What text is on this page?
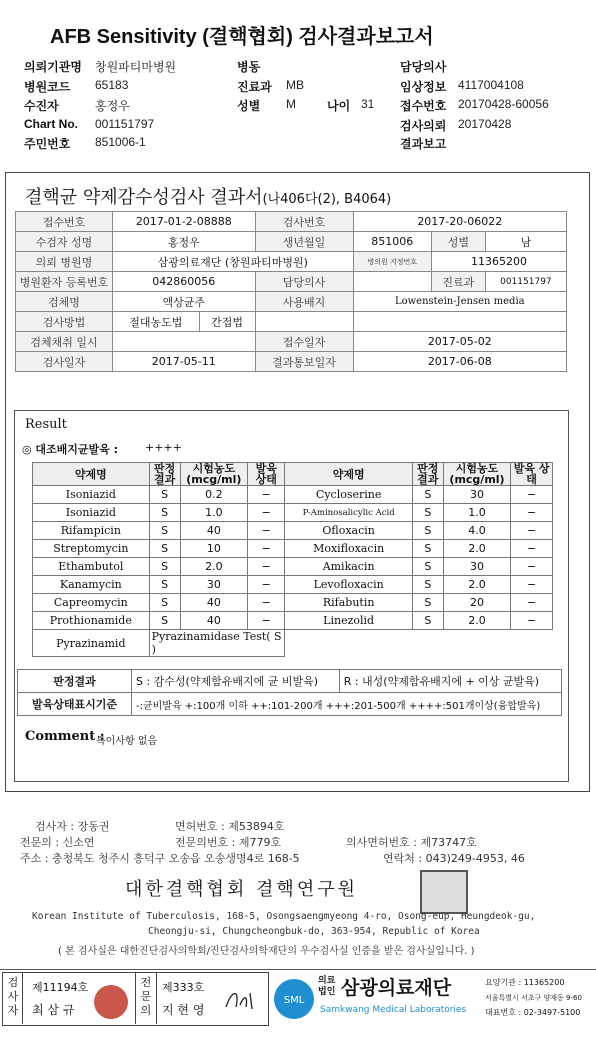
AFB Sensitivity (결핵협회) 검사결과보고서
의뢰기관명 창원파티마병원
병원코드 65183
수진자	홍정우
Chart No. 001151797
주민번호 851006-1
병동
진료과 MB
성별 M	나이 31
담당의사
임상정보 4117004108
접수번호 20170428-60056
검사의뢰 20170428
결과보고
결핵균 약제감수성검사 결과서(나406다(2), B4064)
접수번호	2017-01-2-08888		검사번호	2017-20-06022		
수검자 성명	홍정우		생년월일	851006	성별	남
의뢰 병원명	삼광의료재단 (창원파티마병원)			병의원 지정번호	11365200	
병원환자 등록번호	042860056		담당의사		진료과	001151797
검체명	액상균주		사용배지	Lowenstein-Jensen media		
검사방법	절대농도법	간접법				
검체채취 일시			접수일자	2017-05-02		
검사일자	2017-05-11		결과통보일자	2017-06-08		
Result
◎ 대조배지균발육 : ++++
약제명	판정 결과	시험농도 (mcg/ml)	발육 상태	약제명	판정 결과	시험농도 (mcg/ml)	발육 상태
Isoniazid	S	0.2	−	Cycloserine	S	30	−
Isoniazid	S	1.0	−	P-Aminosalicylic Acid	S	1.0	−
Rifampicin	S	40	−	Ofloxacin	S	4.0	−
Streptomycin	S	10	−	Moxifloxacin	S	2.0	−
Ethambutol	S	2.0	−	Amikacin	S	30	−
Kanamycin	S	30	−	Levofloxacin	S	2.0	−
Capreomycin	S	40	−	Rifabutin	S	20	−
Prothionamide	S	40	−	Linezolid	S	2.0	−
Pyrazinamid	Pyrazinamidase Test( S )						
판정결과	S : 감수성(약제함유배지에 균 비발육)	R : 내성(약제함유배지에 + 이상 균발육)
발육상태표시기준	-:균비발육 +:100개 이하 ++:101-200개 +++:201-500개 ++++:501개이상(융합발육)	
Comment :
특이사항 없음
검사자 : 장동권	면허번호 : 제53894호
전문의 : 신소연	전문의번호 : 제779호	의사면허번호 : 제73747호
주소 : 충청북도 청주시 흥덕구 오송읍 오송생명4로 168-5	연락처 : 043)249-4953, 46
대한결핵협회 결핵연구원
Korean Institute of Tuberculosis, 168-5, Osongsaengmyeong 4-ro, Osong-eup, Heungdeok-gu,
Cheongju-si, Chungcheongbuk-do, 363-954, Republic of Korea
( 본 검사실은 대한진단검사의학회/진단검사의학재단의 우수검사실 인증을 받은 검사실입니다. )
검사자
제11194호
최 삼 규
전문의
제333호
지 현 영
SML
의료법인 삼광의료재단
Samkwang Medical Laboratories
요양기관 : 11365200
서울특별시 서초구 양재동 9-60
대표번호 : 02-3497-5100
